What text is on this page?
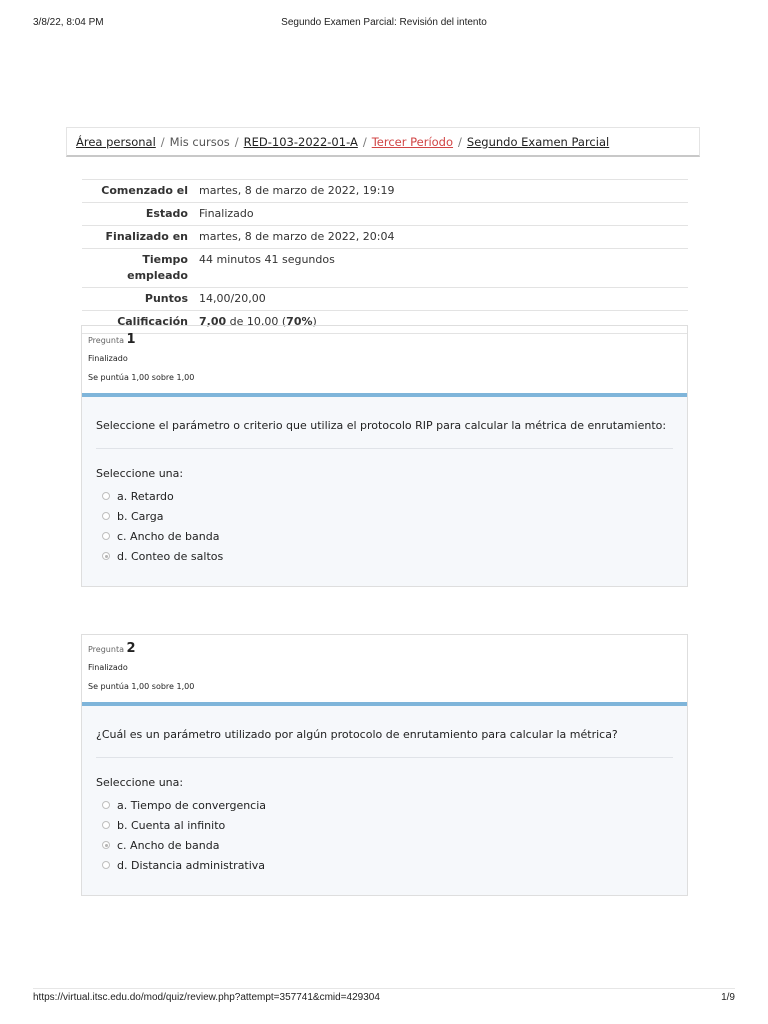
3/8/22, 8:04 PM	Segundo Examen Parcial: Revisión del intento
Área personal / Mis cursos / RED-103-2022-01-A / Tercer Período / Segundo Examen Parcial
Comenzado el	martes, 8 de marzo de 2022, 19:19
Estado	Finalizado
Finalizado en	martes, 8 de marzo de 2022, 20:04
Tiempo empleado	44 minutos 41 segundos
Puntos	14,00/20,00
Calificación	7,00 de 10,00 (70%)
Pregunta 1
Finalizado
Se puntúa 1,00 sobre 1,00
Seleccione el parámetro o criterio que utiliza el protocolo RIP para calcular la métrica de enrutamiento:
Seleccione una:
a. Retardo
b. Carga
c. Ancho de banda
d. Conteo de saltos
Pregunta 2
Finalizado
Se puntúa 1,00 sobre 1,00
¿Cuál es un parámetro utilizado por algún protocolo de enrutamiento para calcular la métrica?
Seleccione una:
a. Tiempo de convergencia
b. Cuenta al infinito
c. Ancho de banda
d. Distancia administrativa
https://virtual.itsc.edu.do/mod/quiz/review.php?attempt=357741&cmid=429304	1/9
